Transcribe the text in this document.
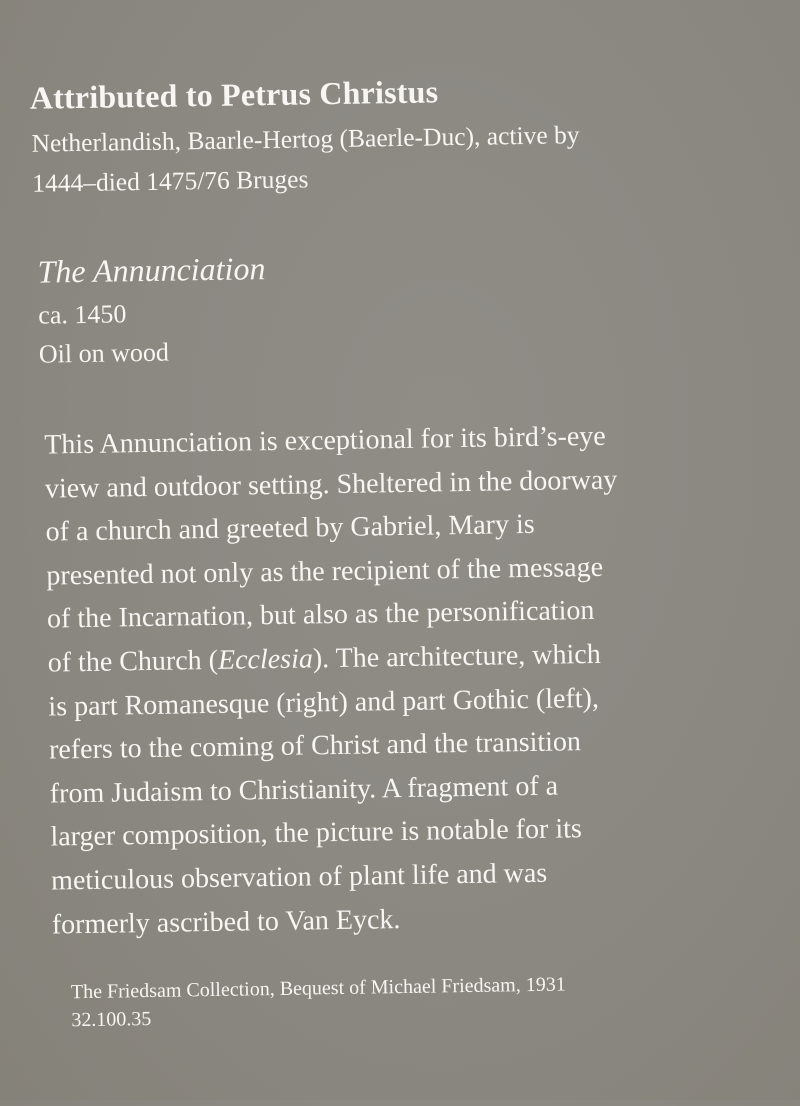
Attributed to Petrus Christus
Netherlandish, Baarle-Hertog (Baerle-Duc), active by
1444–died 1475/76 Bruges
The Annunciation
ca. 1450
Oil on wood
This Annunciation is exceptional for its bird’s-eye
view and outdoor setting. Sheltered in the doorway
of a church and greeted by Gabriel, Mary is
presented not only as the recipient of the message
of the Incarnation, but also as the personification
of the Church (Ecclesia). The architecture, which
is part Romanesque (right) and part Gothic (left),
refers to the coming of Christ and the transition
from Judaism to Christianity. A fragment of a
larger composition, the picture is notable for its
meticulous observation of plant life and was
formerly ascribed to Van Eyck.
The Friedsam Collection, Bequest of Michael Friedsam, 1931
32.100.35
